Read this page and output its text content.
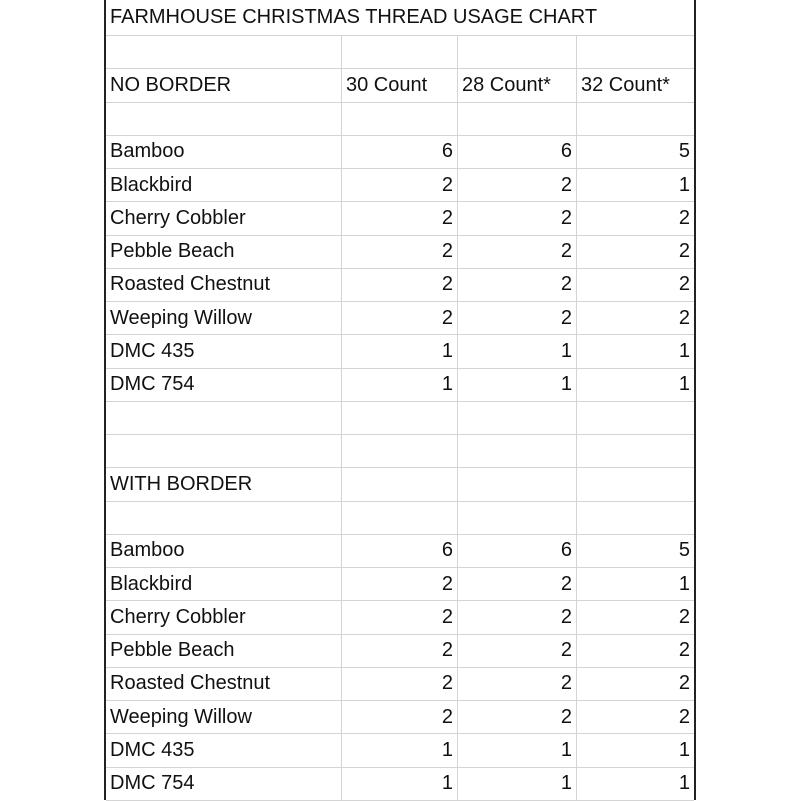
FARMHOUSE CHRISTMAS THREAD USAGE CHART
NO BORDER	30 Count	28 Count*	32 Count*
Bamboo	6	6	5
Blackbird	2	2	1
Cherry Cobbler	2	2	2
Pebble Beach	2	2	2
Roasted Chestnut	2	2	2
Weeping Willow	2	2	2
DMC 435	1	1	1
DMC 754	1	1	1
WITH BORDER
Bamboo	6	6	5
Blackbird	2	2	1
Cherry Cobbler	2	2	2
Pebble Beach	2	2	2
Roasted Chestnut	2	2	2
Weeping Willow	2	2	2
DMC 435	1	1	1
DMC 754	1	1	1
